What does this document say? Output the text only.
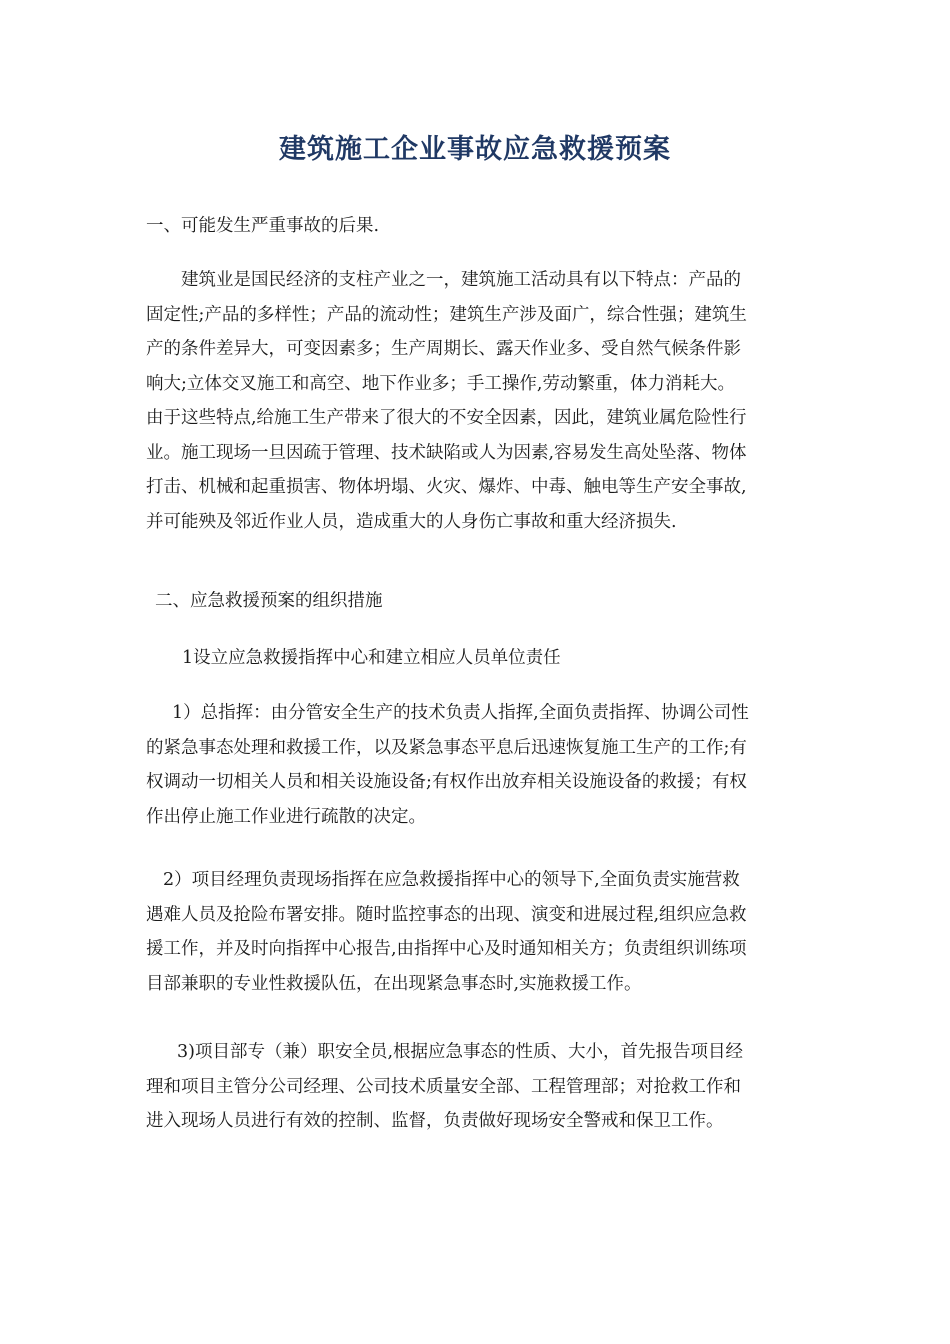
建筑施工企业事故应急救援预案
一、可能发生严重事故的后果.
建筑业是国民经济的支柱产业之一，建筑施工活动具有以下特点：产品的
固定性;产品的多样性；产品的流动性；建筑生产涉及面广，综合性强；建筑生
产的条件差异大，可变因素多；生产周期长、露天作业多、受自然气候条件影
响大;立体交叉施工和高空、地下作业多；手工操作,劳动繁重，体力消耗大。
由于这些特点,给施工生产带来了很大的不安全因素，因此，建筑业属危险性行
业。施工现场一旦因疏于管理、技术缺陷或人为因素,容易发生高处坠落、物体
打击、机械和起重损害、物体坍塌、火灾、爆炸、中毒、触电等生产安全事故,
并可能殃及邻近作业人员，造成重大的人身伤亡事故和重大经济损失.
二、应急救援预案的组织措施
1设立应急救援指挥中心和建立相应人员单位责任
1）总指挥：由分管安全生产的技术负责人指挥,全面负责指挥、协调公司性
的紧急事态处理和救援工作，以及紧急事态平息后迅速恢复施工生产的工作;有
权调动一切相关人员和相关设施设备;有权作出放弃相关设施设备的救援；有权
作出停止施工作业进行疏散的决定。
2）项目经理负责现场指挥在应急救援指挥中心的领导下,全面负责实施营救
遇难人员及抢险布署安排。随时监控事态的出现、演变和进展过程,组织应急救
援工作，并及时向指挥中心报告,由指挥中心及时通知相关方；负责组织训练项
目部兼职的专业性救援队伍，在出现紧急事态时,实施救援工作。
3)项目部专（兼）职安全员,根据应急事态的性质、大小，首先报告项目经
理和项目主管分公司经理、公司技术质量安全部、工程管理部；对抢救工作和
进入现场人员进行有效的控制、监督，负责做好现场安全警戒和保卫工作。
